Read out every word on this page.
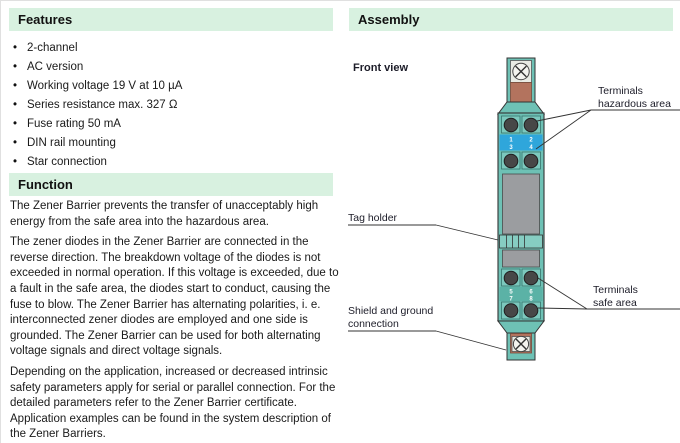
Features
• 2-channel
• AC version
• Working voltage 19 V at 10 µA
• Series resistance max. 327 Ω
• Fuse rating 50 mA
• DIN rail mounting
• Star connection
Function

The Zener Barrier prevents the transfer of unacceptably high energy from the safe area into the hazardous area.

The zener diodes in the Zener Barrier are connected in the reverse direction. The breakdown voltage of the diodes is not exceeded in normal operation. If this voltage is exceeded, due to a fault in the safe area, the diodes start to conduct, causing the fuse to blow. The Zener Barrier has alternating polarities, i. e. interconnected zener diodes are employed and one side is grounded. The Zener Barrier can be used for both alternating voltage signals and direct voltage signals.

Depending on the application, increased or decreased intrinsic safety parameters apply for serial or parallel connection. For the detailed parameters refer to the Zener Barrier certificate. Application examples can be found in the system description of the Zener Barriers.

Assembly
Front view
1	2
3	4
5	6
7	8
Terminals
hazardous area
Terminals
safe area
Tag holder
Shield and ground
connection
